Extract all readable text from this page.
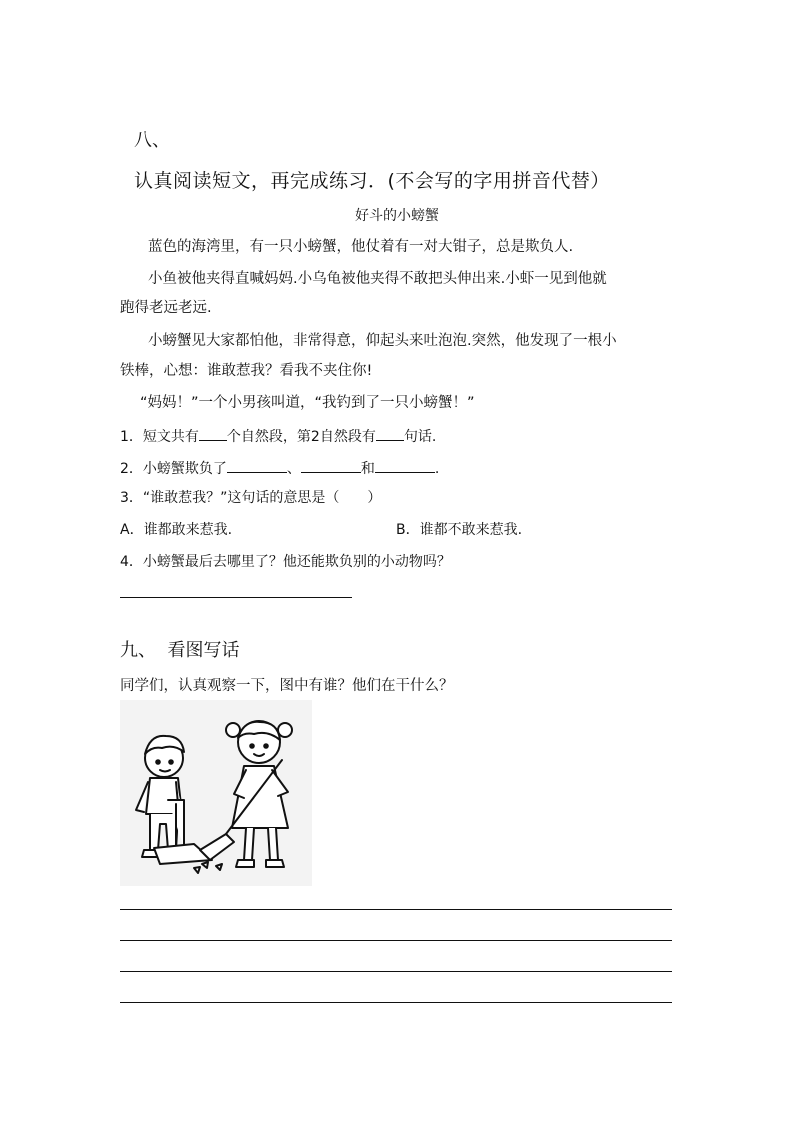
八、
认真阅读短文，再完成练习．(不会写的字用拼音代替）
好斗的小螃蟹
蓝色的海湾里，有一只小螃蟹，他仗着有一对大钳子，总是欺负人.
小鱼被他夹得直喊妈妈.小乌龟被他夹得不敢把头伸出来.小虾一见到他就
跑得老远老远.
小螃蟹见大家都怕他，非常得意，仰起头来吐泡泡.突然，他发现了一根小
铁棒，心想：谁敢惹我？看我不夹住你!
“妈妈！”一个小男孩叫道，“我钓到了一只小螃蟹！”
1．短文共有 个自然段，第2自然段有 句话.
2．小螃蟹欺负了	、	和	.
3．“谁敢惹我？”这句话的意思是（　　）
A．谁都敢来惹我.	B．谁都不敢来惹我.
4．小螃蟹最后去哪里了？他还能欺负别的小动物吗？
九、 看图写话
同学们，认真观察一下，图中有谁？他们在干什么？
